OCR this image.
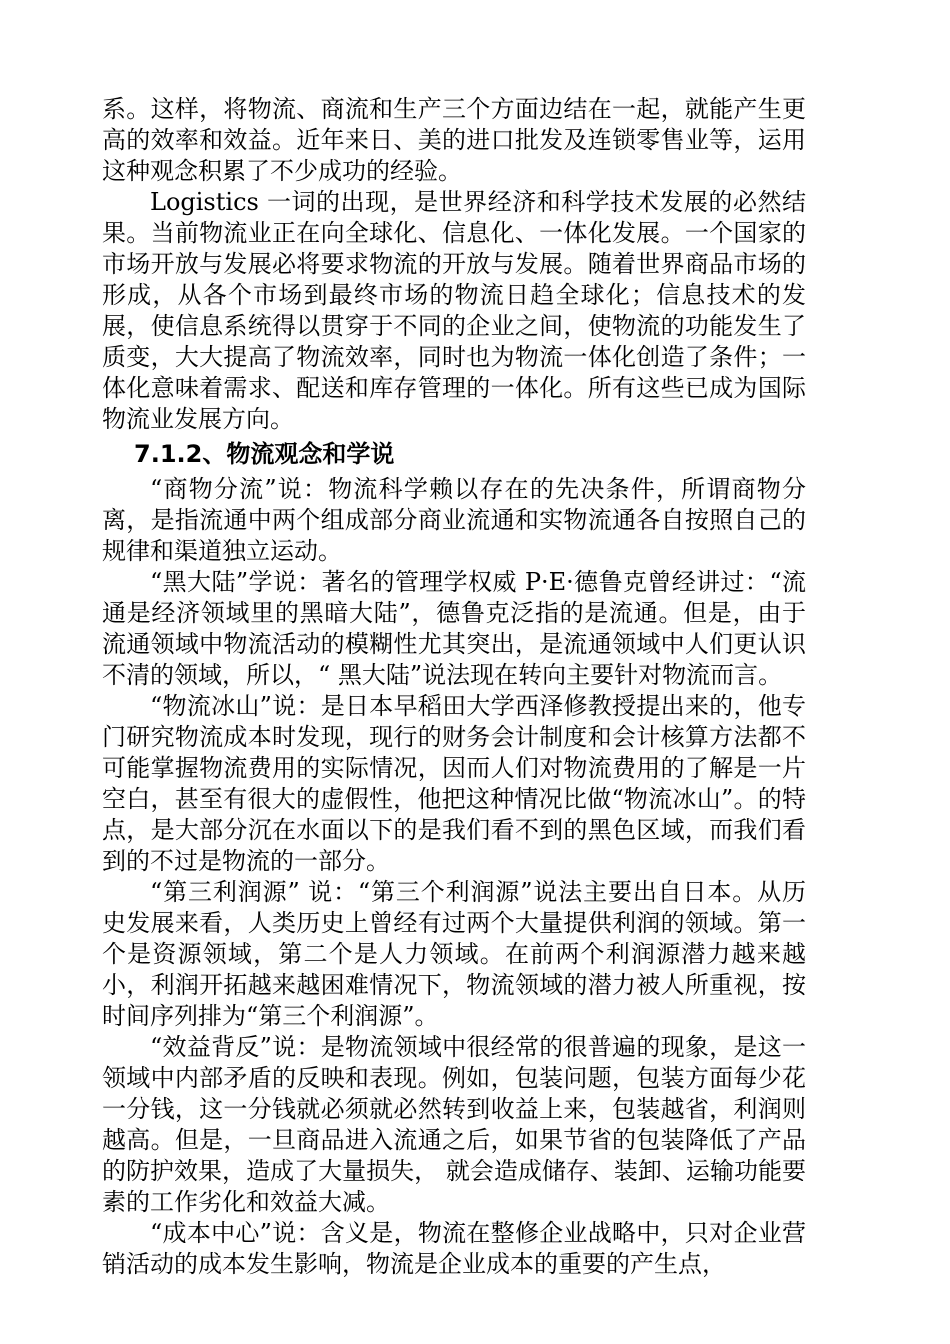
系。这样，将物流、商流和生产三个方面边结在一起，就能产生更高的效率和效益。近年来日、美的进口批发及连锁零售业等，运用这种观念积累了不少成功的经验。

Logistics 一词的出现，是世界经济和科学技术发展的必然结果。当前物流业正在向全球化、信息化、一体化发展。一个国家的市场开放与发展必将要求物流的开放与发展。随着世界商品市场的形成，从各个市场到最终市场的物流日趋全球化；信息技术的发展，使信息系统得以贯穿于不同的企业之间，使物流的功能发生了质变，大大提高了物流效率，同时也为物流一体化创造了条件；一体化意味着需求、配送和库存管理的一体化。所有这些已成为国际物流业发展方向。

7.1.2、物流观念和学说

“商物分流”说：物流科学赖以存在的先决条件，所谓商物分离，是指流通中两个组成部分商业流通和实物流通各自按照自己的规律和渠道独立运动。

“黑大陆”学说：著名的管理学权威 P·E·德鲁克曾经讲过：“流通是经济领域里的黑暗大陆”，德鲁克泛指的是流通。但是，由于流通领域中物流活动的模糊性尤其突出，是流通领域中人们更认识不清的领域，所以，“ 黑大陆”说法现在转向主要针对物流而言。

“物流冰山”说：是日本早稻田大学西泽修教授提出来的，他专门研究物流成本时发现，现行的财务会计制度和会计核算方法都不可能掌握物流费用的实际情况，因而人们对物流费用的了解是一片空白，甚至有很大的虚假性，他把这种情况比做“物流冰山”。的特点，是大部分沉在水面以下的是我们看不到的黑色区域，而我们看到的不过是物流的一部分。

“第三利润源” 说：“第三个利润源”说法主要出自日本。从历史发展来看，人类历史上曾经有过两个大量提供利润的领域。第一个是资源领域，第二个是人力领域。在前两个利润源潜力越来越小，利润开拓越来越困难情况下，物流领域的潜力被人所重视，按时间序列排为“第三个利润源”。

“效益背反”说：是物流领域中很经常的很普遍的现象，是这一领域中内部矛盾的反映和表现。例如，包装问题，包装方面每少花一分钱，这一分钱就必须就必然转到收益上来，包装越省，利润则越高。但是，一旦商品进入流通之后，如果节省的包装降低了产品的防护效果，造成了大量损失， 就会造成储存、装卸、运输功能要素的工作劣化和效益大减。

“成本中心”说：含义是，物流在整修企业战略中，只对企业营销活动的成本发生影响，物流是企业成本的重要的产生点，
